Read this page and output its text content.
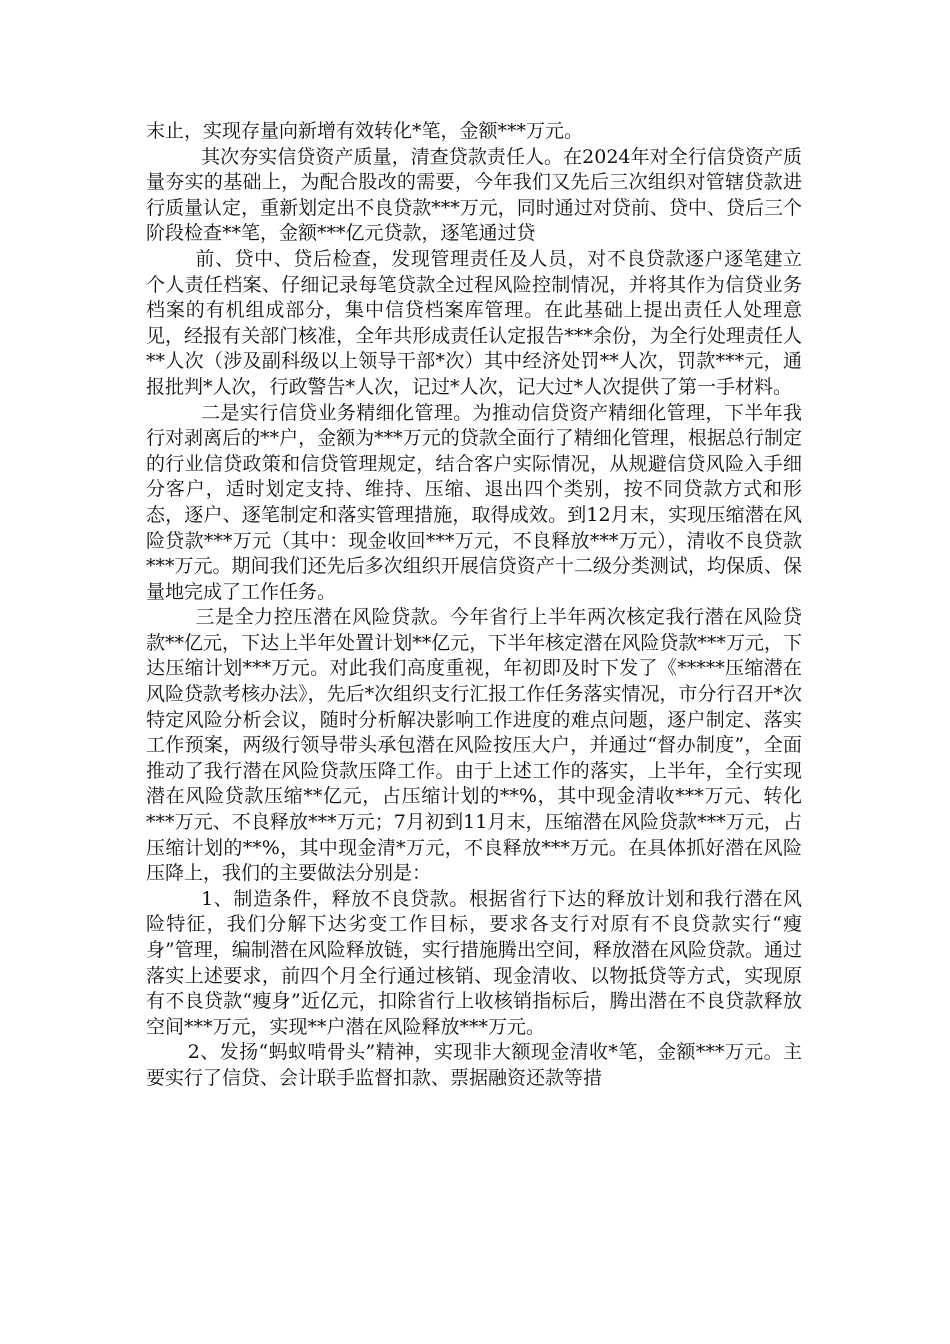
末止，实现存量向新增有效转化*笔，金额***万元。

其次夯实信贷资产质量，清查贷款责任人。在2024年对全行信贷资产质量夯实的基础上，为配合股改的需要，今年我们又先后三次组织对管辖贷款进行质量认定，重新划定出不良贷款***万元，同时通过对贷前、贷中、贷后三个阶段检查**笔，金额***亿元贷款，逐笔通过贷

前、贷中、贷后检查，发现管理责任及人员，对不良贷款逐户逐笔建立个人责任档案、仔细记录每笔贷款全过程风险控制情况，并将其作为信贷业务档案的有机组成部分，集中信贷档案库管理。在此基础上提出责任人处理意见，经报有关部门核准，全年共形成责任认定报告***余份，为全行处理责任人**人次（涉及副科级以上领导干部*次）其中经济处罚**人次，罚款***元，通报批判*人次，行政警告*人次，记过*人次，记大过*人次提供了第一手材料。

二是实行信贷业务精细化管理。为推动信贷资产精细化管理，下半年我行对剥离后的**户，金额为***万元的贷款全面行了精细化管理，根据总行制定的行业信贷政策和信贷管理规定，结合客户实际情况，从规避信贷风险入手细分客户，适时划定支持、维持、压缩、退出四个类别，按不同贷款方式和形态，逐户、逐笔制定和落实管理措施，取得成效。到12月末，实现压缩潜在风险贷款***万元（其中：现金收回***万元，不良释放***万元），清收不良贷款***万元。期间我们还先后多次组织开展信贷资产十二级分类测试，均保质、保量地完成了工作任务。

三是全力控压潜在风险贷款。今年省行上半年两次核定我行潜在风险贷款**亿元，下达上半年处置计划**亿元，下半年核定潜在风险贷款***万元，下达压缩计划***万元。对此我们高度重视，年初即及时下发了《*****压缩潜在风险贷款考核办法》，先后*次组织支行汇报工作任务落实情况，市分行召开*次特定风险分析会议，随时分析解决影响工作进度的难点问题，逐户制定、落实工作预案，两级行领导带头承包潜在风险按压大户，并通过“督办制度”，全面推动了我行潜在风险贷款压降工作。由于上述工作的落实，上半年，全行实现潜在风险贷款压缩**亿元，占压缩计划的**%，其中现金清收***万元、转化***万元、不良释放***万元；7月初到11月末，压缩潜在风险贷款***万元，占压缩计划的**%，其中现金清*万元，不良释放***万元。在具体抓好潜在风险压降上，我们的主要做法分别是：

1、制造条件，释放不良贷款。根据省行下达的释放计划和我行潜在风险特征，我们分解下达劣变工作目标，要求各支行对原有不良贷款实行“瘦身”管理，编制潜在风险释放链，实行措施腾出空间，释放潜在风险贷款。通过落实上述要求，前四个月全行通过核销、现金清收、以物抵贷等方式，实现原有不良贷款“瘦身”近亿元，扣除省行上收核销指标后，腾出潜在不良贷款释放空间***万元，实现**户潜在风险释放***万元。

2、发扬“蚂蚁啃骨头”精神，实现非大额现金清收*笔，金额***万元。主要实行了信贷、会计联手监督扣款、票据融资还款等措
